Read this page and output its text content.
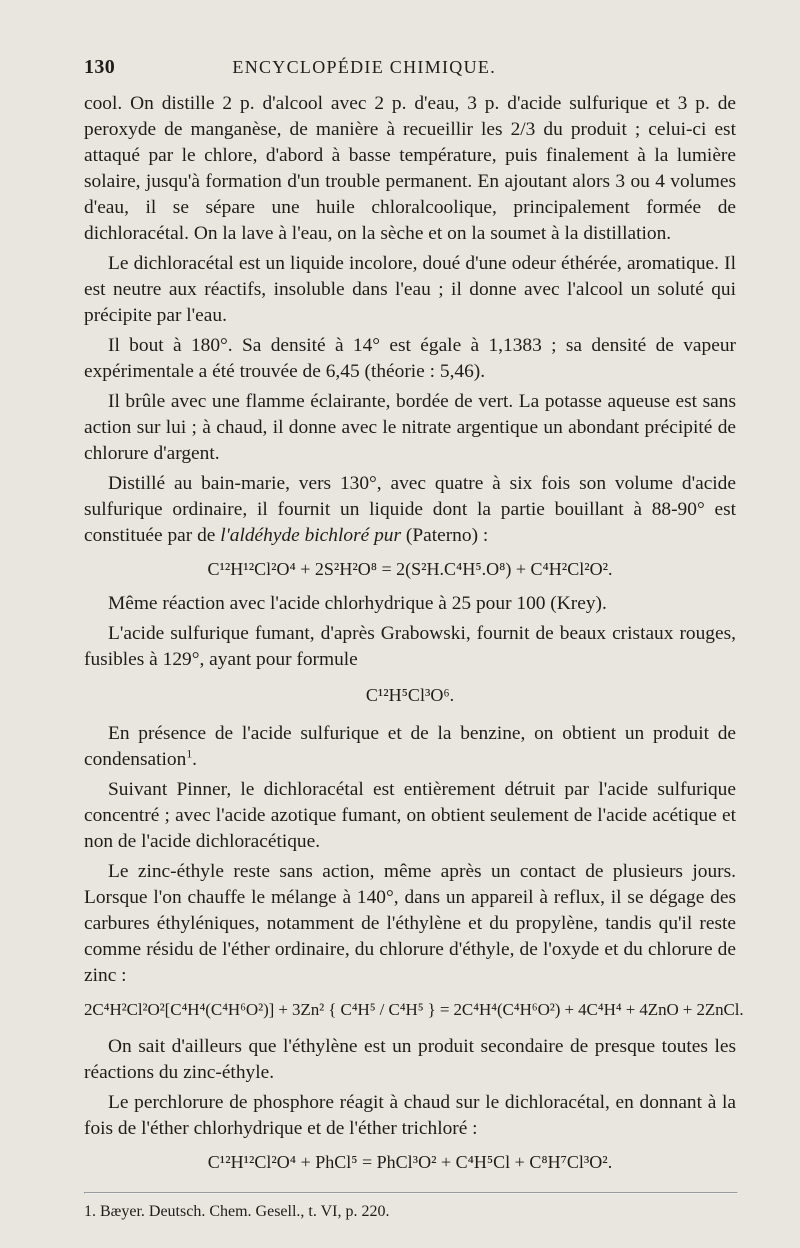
130	ENCYCLOPÉDIE CHIMIQUE.

cool. On distille 2 p. d'alcool avec 2 p. d'eau, 3 p. d'acide sulfurique et 3 p. de peroxyde de manganèse, de manière à recueillir les 2/3 du produit ; celui-ci est attaqué par le chlore, d'abord à basse température, puis finalement à la lumière solaire, jusqu'à formation d'un trouble permanent. En ajoutant alors 3 ou 4 volumes d'eau, il se sépare une huile chloralcoolique, principalement formée de dichloracétal. On la lave à l'eau, on la sèche et on la soumet à la distillation.

Le dichloracétal est un liquide incolore, doué d'une odeur éthérée, aromatique. Il est neutre aux réactifs, insoluble dans l'eau ; il donne avec l'alcool un soluté qui précipite par l'eau.

Il bout à 180°. Sa densité à 14° est égale à 1,1383 ; sa densité de vapeur expérimentale a été trouvée de 6,45 (théorie : 5,46).

Il brûle avec une flamme éclairante, bordée de vert. La potasse aqueuse est sans action sur lui ; à chaud, il donne avec le nitrate argentique un abondant précipité de chlorure d'argent.

Distillé au bain-marie, vers 130°, avec quatre à six fois son volume d'acide sulfurique ordinaire, il fournit un liquide dont la partie bouillant à 88-90° est constituée par de l'aldéhyde bichloré pur (Paterno) :

C¹²H¹²Cl²O⁴ + 2S²H²O⁸ = 2(S²H.C⁴H⁵.O⁸) + C⁴H²Cl²O².

Même réaction avec l'acide chlorhydrique à 25 pour 100 (Krey).

L'acide sulfurique fumant, d'après Grabowski, fournit de beaux cristaux rouges, fusibles à 129°, ayant pour formule

C¹²H⁵Cl³O⁶.

En présence de l'acide sulfurique et de la benzine, on obtient un produit de condensation$^1$.

Suivant Pinner, le dichloracétal est entièrement détruit par l'acide sulfurique concentré ; avec l'acide azotique fumant, on obtient seulement de l'acide acétique et non de l'acide dichloracétique.

Le zinc-éthyle reste sans action, même après un contact de plusieurs jours. Lorsque l'on chauffe le mélange à 140°, dans un appareil à reflux, il se dégage des carbures éthyléniques, notamment de l'éthylène et du propylène, tandis qu'il reste comme résidu de l'éther ordinaire, du chlorure d'éthyle, de l'oxyde et du chlorure de zinc :

2C⁴H²Cl²O²[C⁴H⁴(C⁴H⁶O²)] + 3Zn² { C⁴H⁵ / C⁴H⁵ } = 2C⁴H⁴(C⁴H⁶O²) + 4C⁴H⁴ + 4ZnO + 2ZnCl.

On sait d'ailleurs que l'éthylène est un produit secondaire de presque toutes les réactions du zinc-éthyle.

Le perchlorure de phosphore réagit à chaud sur le dichloracétal, en donnant à la fois de l'éther chlorhydrique et de l'éther trichloré :

C¹²H¹²Cl²O⁴ + PhCl⁵ = PhCl³O² + C⁴H⁵Cl + C⁸H⁷Cl³O².
1. Bæyer. Deutsch. Chem. Gesell., t. VI, p. 220.
